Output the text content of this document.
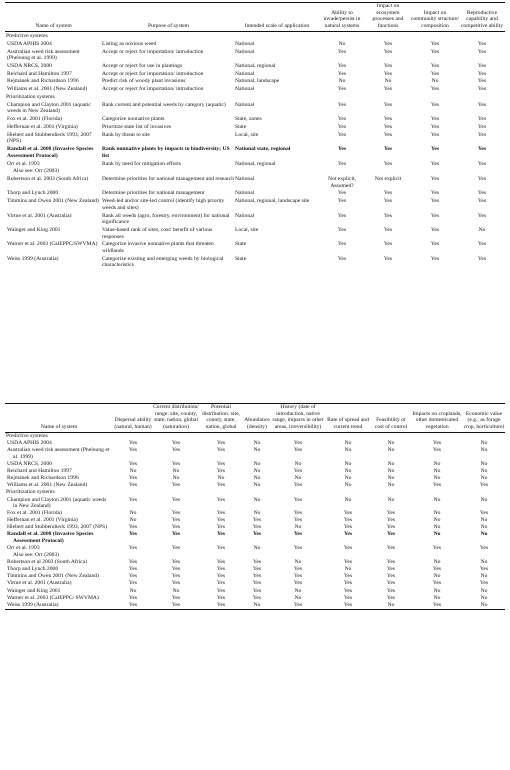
Name of system	Purpose of system	Intended scale of application	Ability to invade/persist in natural systems	Impact on ecosystem processes and functions	Impact on community structure/ composition	Reproductive capability and competitive ability
Predictive systems						
USDA APHIS 2004	Listing as noxious weed	National	No	Yes	Yes	Yes
Australian weed risk assessment (Pheloung et al. 1999)	Accept or reject for importation/ introduction	National	Yes	Yes	Yes	Yes
USDA NRCS, 2000	Accept or reject for use in plantings	National, regional	Yes	Yes	Yes	Yes
Reichard and Hamilton 1997	Accept or reject for importation/ introduction	National	Yes	Yes	Yes	Yes
Rejmánek and Richardson 1996	Predict risk of woody plant invasions	National, landscape	No	No	No	Yes
Williams et al. 2001 (New Zealand)	Accept or reject for importation/ introduction	National	Yes	Yes	Yes	Yes
Prioritization systems						
Champion and Clayton 2001 (aquatic weeds in New Zealand)	Rank current and potential weeds by category (aquatic)	National	Yes	Yes	Yes	Yes
Fox et al. 2001 (Florida)	Categorize nonnative plants	State, zones	Yes	Yes	Yes	Yes
Heffernan et al. 2001 (Virginia)	Prioritize state list of invasives	State	Yes	Yes	Yes	Yes
Hiebert and Stubbendieck 1993, 2007 (NPS)	Rank by threat to site	Local, site	Yes	Yes	Yes	Yes
Randall et al. 2008 (Invasive Species Assessment Protocol)	Rank nonnative plants by impacts to biodiversity; US list	National state, regional	Yes	Yes	Yes	Yes
Orr et al. 1993	Rank by need for mitigation efforts	National, regional	Yes	Yes	Yes	Yes
Also see: Orr (2003)						
Robertson et al. 2003 (South Africa)	Determine priorities for national management and research	National	Not explicit, Assumed?	Not explicit	Yes	Yes
Thorp and Lynch 2000	Determine priorities for national management	National	Yes	Yes	Yes	Yes
Timmins and Owen 2001 (New Zealand)	Weed-led and/or site-led control (identify high priority weeds and sites)	National, regional, landscape site	Yes	Yes	Yes	Yes
Virtue et al. 2001 (Australia)	Rank all weeds (agro, forestry, environment) for national significance	National	Yes	Yes	Yes	Yes
Wainger and King 2001	Value-based rank of sites, cost/ benefit of various responses	Local, site	Yes	Yes	Yes	No
Warner et al. 2003 (CalEPPC/SWVMA)	Categorize invasive nonnative plants that threaten wildlands	State	Yes	Yes	Yes	Yes
Weiss 1999 (Australia)	Categorize existing and emerging weeds by biological characteristics	State	Yes	Yes	Yes	Yes
Name of system	Dispersal ability (natural, human)	Current distribution/ range: site, county, state, nation, global (saturation)	Potential distribution: site, county, state, nation, global	Abundance (density)	History (date of introduction, native range, impacts in other areas, irreversibility)	Rate of spread and current trend	Feasibility or cost of control	Impacts on croplands, other domesticated vegetation	Economic value (e.g., as forage crop, horticulture)
Predictive systems									
USDA APHIS 2004	Yes	Yes	Yes	No	Yes	No	No	Yes	No
Australian weed risk assessment (Pheloung et al. 1999)	Yes	Yes	Yes	No	Yes	No	No	Yes	No
USDA NRCS, 2000	Yes	Yes	Yes	No	No	No	No	No	No
Reichard and Hamilton 1997	No	No	Yes	No	Yes	No	No	No	No
Rejmánek and Richardson 1996	Yes	No	No	No	No	No	No	No	No
Williams et al. 2001 (New Zealand)	Yes	Yes	Yes	No	Yes	No	No	Yes	Yes
Prioritization systems									
Champion and Clayton 2001 (aquatic weeds in New Zealand)	Yes	Yes	Yes	No	Yes	No	No	No	No
Fox et al. 2001 (Florida)	No	Yes	Yes	No	Yes	Yes	Yes	No	Yes
Heffernan et al. 2001 (Virginia)	No	Yes	Yes	Yes	Yes	Yes	Yes	No	No
Hiebert and Stubbendieck 1993, 2007 (NPS)	Yes	Yes	Yes	Yes	No	Yes	Yes	No	No
Randall et al. 2008 (Invasive Species Assessment Protocol)	Yes	Yes	Yes	Yes	Yes	Yes	Yes	No	No
Orr et al. 1993	Yes	Yes	Yes	No	Yes	Yes	Yes	Yes	Yes
Also see: Orr (2003)									
Robertson et al 2003 (South Africa)	Yes	Yes	Yes	Yes	No	Yes	Yes	No	No
Thorp and Lynch 2000	Yes	Yes	Yes	Yes	Yes	No	Yes	Yes	Yes
Timmins and Owen 2001 (New Zealand)	Yes	Yes	Yes	Yes	Yes	Yes	Yes	No	No
Virtue et al. 2001 (Australia)	Yes	Yes	Yes	Yes	Yes	Yes	Yes	Yes	Yes
Wainger and King 2001	No	No	Yes	Yes	No	Yes	Yes	No	No
Warner et al. 2003 (CalEPPC/ SWVMA)	Yes	Yes	Yes	Yes	No	Yes	Yes	No	No
Weiss 1999 (Australia)	Yes	Yes	Yes	No	Yes	Yes	No	Yes	No
